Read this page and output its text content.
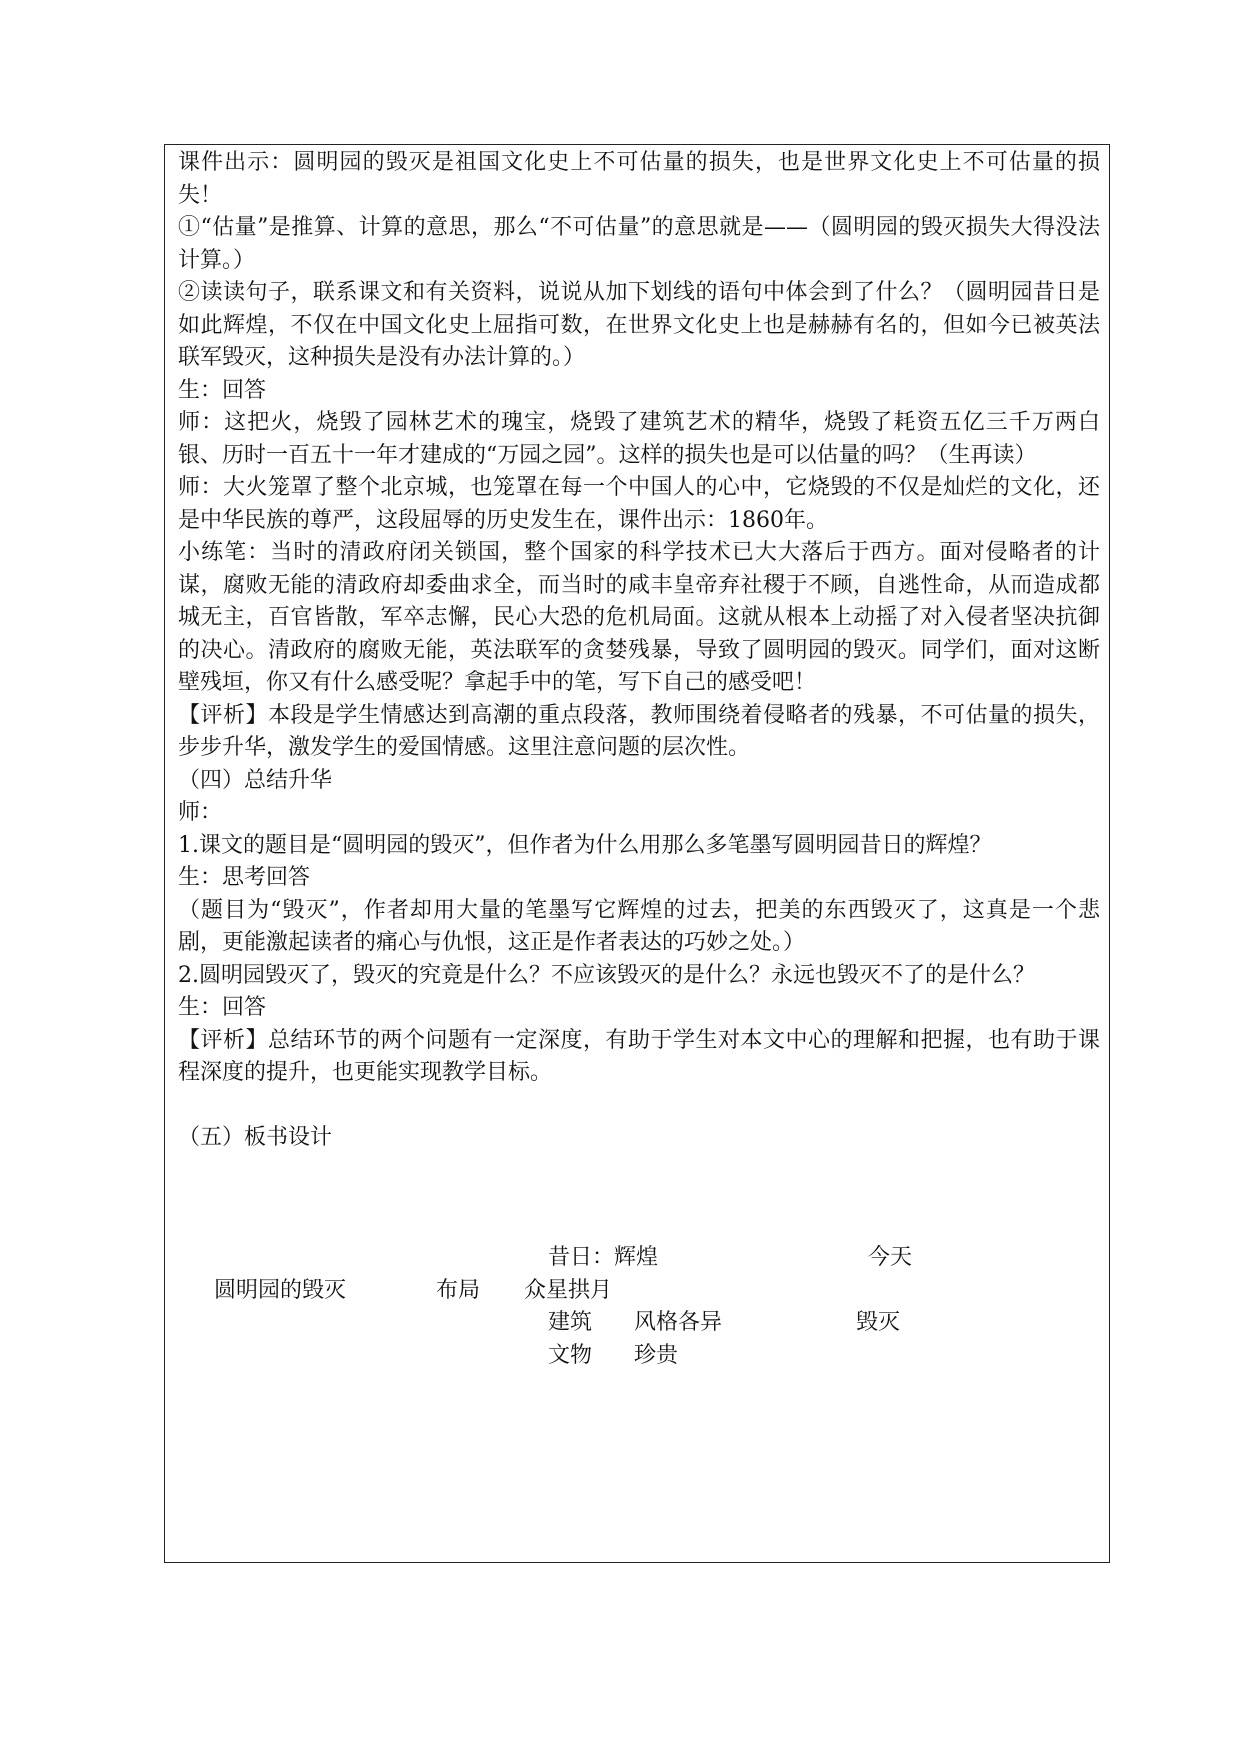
课件出示：圆明园的毁灭是祖国文化史上不可估量的损失，也是世界文化史上不可估量的损失！

①“估量”是推算、计算的意思，那么“不可估量”的意思就是——（圆明园的毁灭损失大得没法计算。）

②读读句子，联系课文和有关资料，说说从加下划线的语句中体会到了什么？（圆明园昔日是如此辉煌，不仅在中国文化史上屈指可数，在世界文化史上也是赫赫有名的，但如今已被英法联军毁灭，这种损失是没有办法计算的。）

生：回答

师：这把火，烧毁了园林艺术的瑰宝，烧毁了建筑艺术的精华，烧毁了耗资五亿三千万两白银、历时一百五十一年才建成的“万园之园”。这样的损失也是可以估量的吗？（生再读）

师：大火笼罩了整个北京城，也笼罩在每一个中国人的心中，它烧毁的不仅是灿烂的文化，还是中华民族的尊严，这段屈辱的历史发生在，课件出示：1860年。

小练笔：当时的清政府闭关锁国，整个国家的科学技术已大大落后于西方。面对侵略者的计谋，腐败无能的清政府却委曲求全，而当时的咸丰皇帝弃社稷于不顾，自逃性命，从而造成都城无主，百官皆散，军卒志懈，民心大恐的危机局面。这就从根本上动摇了对入侵者坚决抗御的决心。清政府的腐败无能，英法联军的贪婪残暴，导致了圆明园的毁灭。同学们，面对这断壁残垣，你又有什么感受呢？拿起手中的笔，写下自己的感受吧！

【评析】本段是学生情感达到高潮的重点段落，教师围绕着侵略者的残暴，不可估量的损失，步步升华，激发学生的爱国情感。这里注意问题的层次性。

（四）总结升华

师：

1.课文的题目是“圆明园的毁灭”，但作者为什么用那么多笔墨写圆明园昔日的辉煌？

生：思考回答

（题目为“毁灭”，作者却用大量的笔墨写它辉煌的过去，把美的东西毁灭了，这真是一个悲剧，更能激起读者的痛心与仇恨，这正是作者表达的巧妙之处。）

2.圆明园毁灭了，毁灭的究竟是什么？不应该毁灭的是什么？永远也毁灭不了的是什么？

生：回答

【评析】总结环节的两个问题有一定深度，有助于学生对本文中心的理解和把握，也有助于课程深度的提升，也更能实现教学目标。

（五）板书设计

昔日：辉煌	今天
圆明园的毁灭	布局 众星拱月
建筑 风格各异	毁灭
文物 珍贵
